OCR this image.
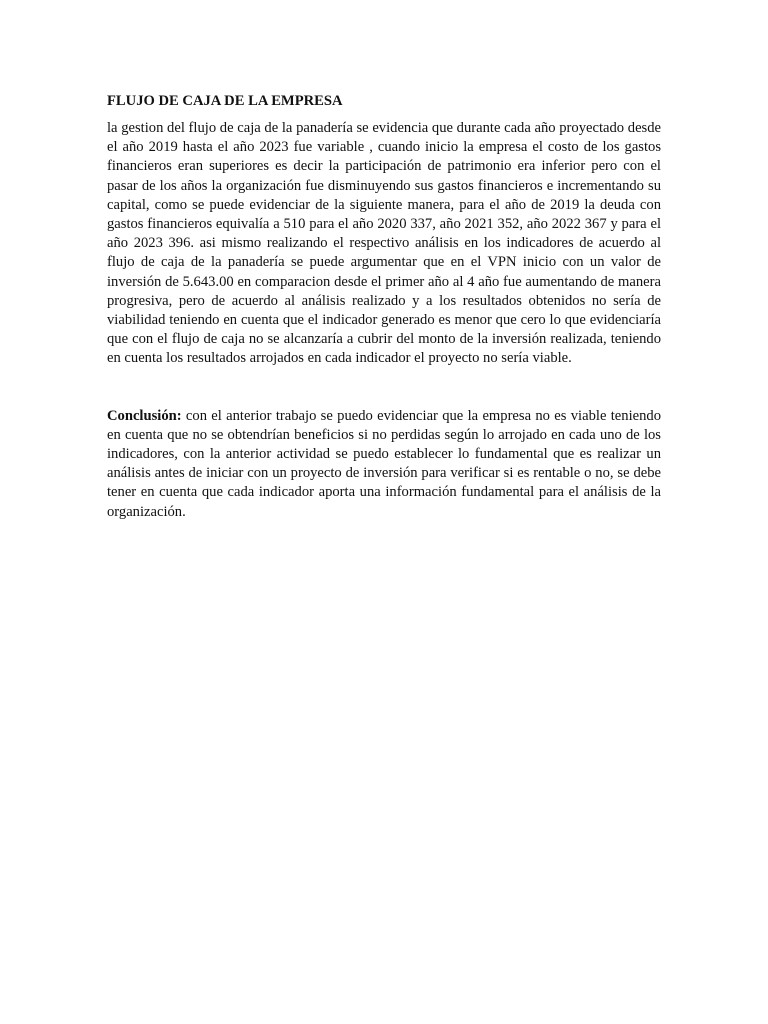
FLUJO DE CAJA DE LA EMPRESA

la gestion del flujo de caja de la panadería se evidencia que durante cada año proyectado desde el año 2019 hasta el año 2023 fue variable , cuando inicio la empresa el costo de los gastos financieros eran superiores es decir la participación de patrimonio era inferior pero con el pasar de los años la organización fue disminuyendo sus gastos financieros e incrementando su capital, como se puede evidenciar de la siguiente manera, para el año de 2019 la deuda con gastos financieros equivalía a 510 para el año 2020 337, año 2021 352, año 2022 367 y para el año 2023 396. asi mismo realizando el respectivo análisis en los indicadores de acuerdo al flujo de caja de la panadería se puede argumentar que en el VPN inicio con un valor de inversión de 5.643.00 en comparacion desde el primer año al 4 año fue aumentando de manera progresiva, pero de acuerdo al análisis realizado y a los resultados obtenidos no sería de viabilidad teniendo en cuenta que el indicador generado es menor que cero lo que evidenciaría que con el flujo de caja no se alcanzaría a cubrir del monto de la inversión realizada, teniendo en cuenta los resultados arrojados en cada indicador el proyecto no sería viable.

Conclusión: con el anterior trabajo se puedo evidenciar que la empresa no es viable teniendo en cuenta que no se obtendrían beneficios si no perdidas según lo arrojado en cada uno de los indicadores, con la anterior actividad se puedo establecer lo fundamental que es realizar un análisis antes de iniciar con un proyecto de inversión para verificar si es rentable o no, se debe tener en cuenta que cada indicador aporta una información fundamental para el análisis de la organización.
